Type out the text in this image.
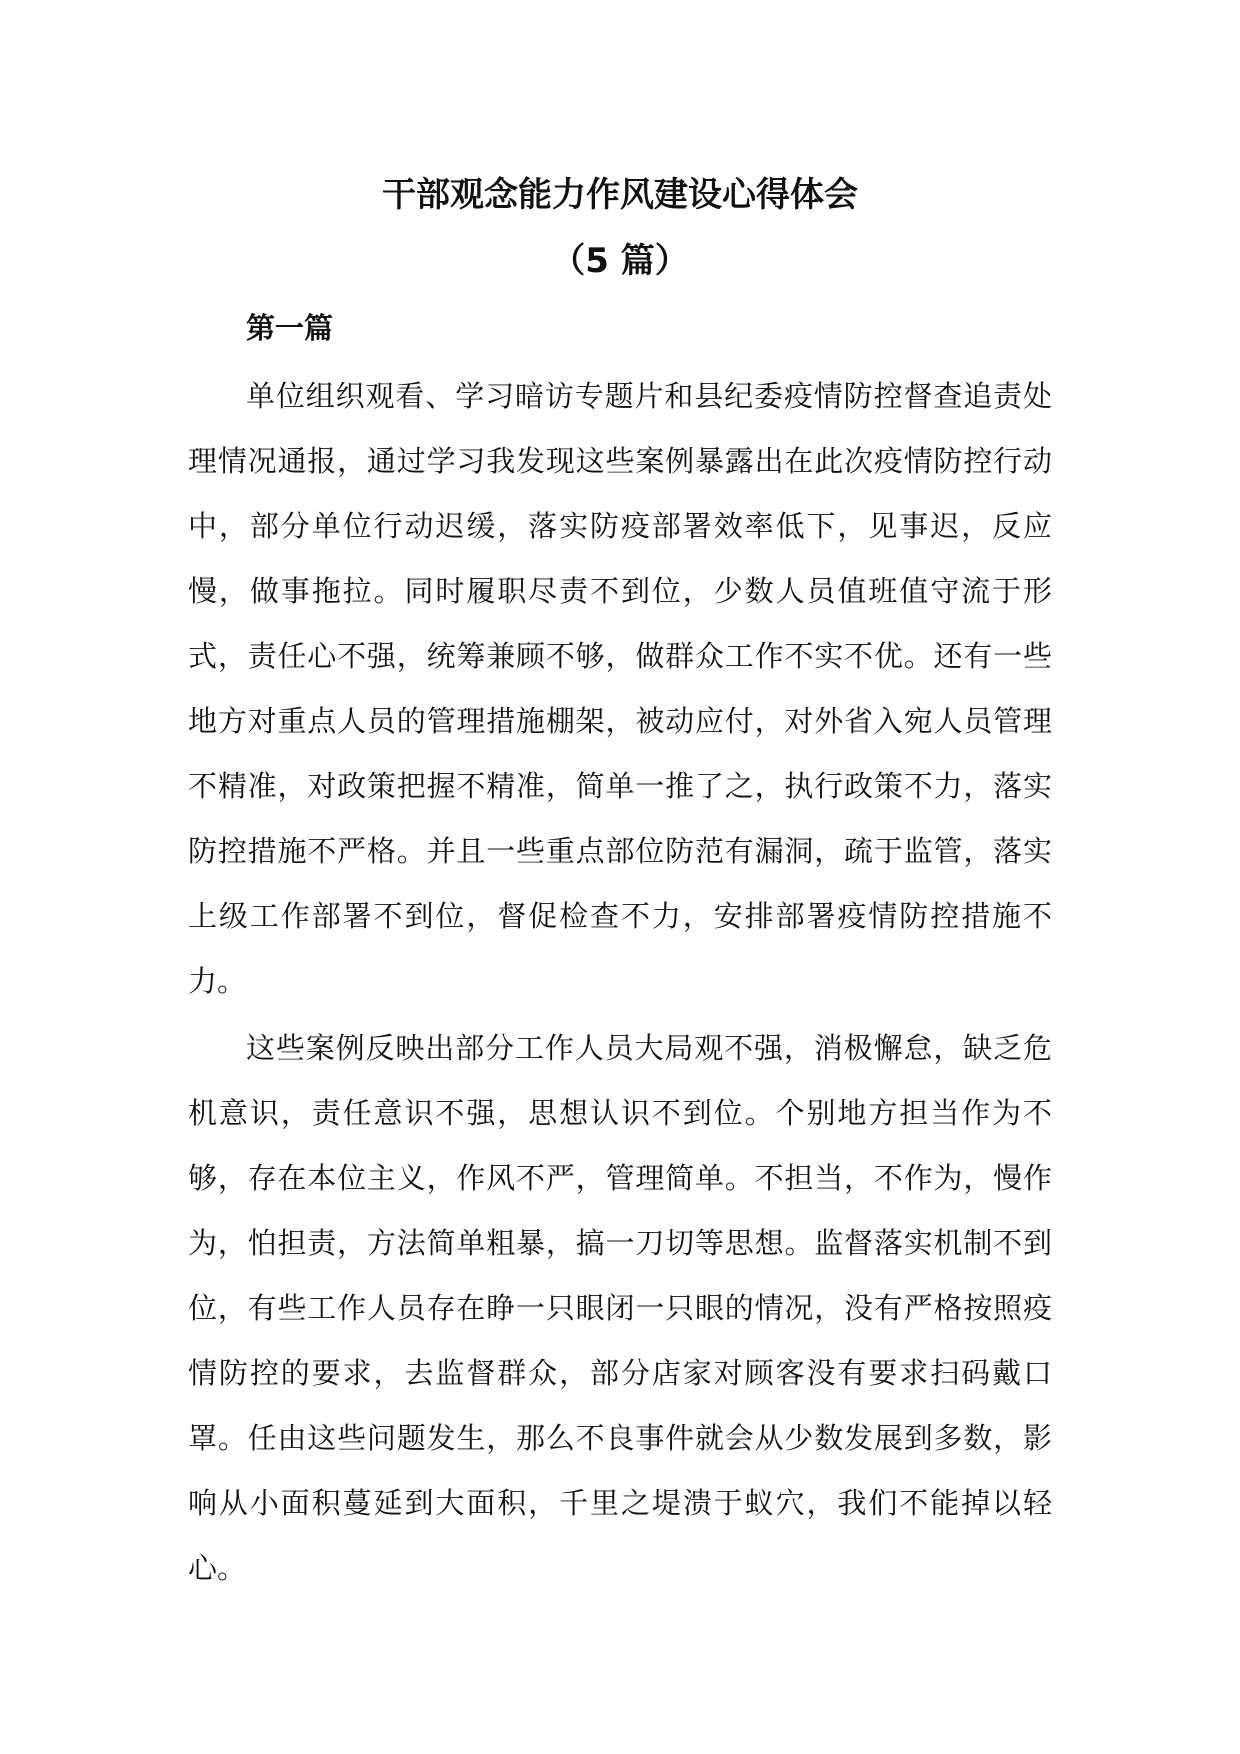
干部观念能力作风建设心得体会
（5 篇）
第一篇

单位组织观看、学习暗访专题片和县纪委疫情防控督查追责处理情况通报，通过学习我发现这些案例暴露出在此次疫情防控行动中，部分单位行动迟缓，落实防疫部署效率低下，见事迟，反应慢，做事拖拉。同时履职尽责不到位，少数人员值班值守流于形式，责任心不强，统筹兼顾不够，做群众工作不实不优。还有一些地方对重点人员的管理措施棚架，被动应付，对外省入宛人员管理不精准，对政策把握不精准，简单一推了之，执行政策不力，落实防控措施不严格。并且一些重点部位防范有漏洞，疏于监管，落实上级工作部署不到位，督促检查不力，安排部署疫情防控措施不力。

这些案例反映出部分工作人员大局观不强，消极懈怠，缺乏危机意识，责任意识不强，思想认识不到位。个别地方担当作为不够，存在本位主义，作风不严，管理简单。不担当，不作为，慢作为，怕担责，方法简单粗暴，搞一刀切等思想。监督落实机制不到位，有些工作人员存在睁一只眼闭一只眼的情况，没有严格按照疫情防控的要求，去监督群众，部分店家对顾客没有要求扫码戴口罩。任由这些问题发生，那么不良事件就会从少数发展到多数，影响从小面积蔓延到大面积，千里之堤溃于蚁穴，我们不能掉以轻心。
